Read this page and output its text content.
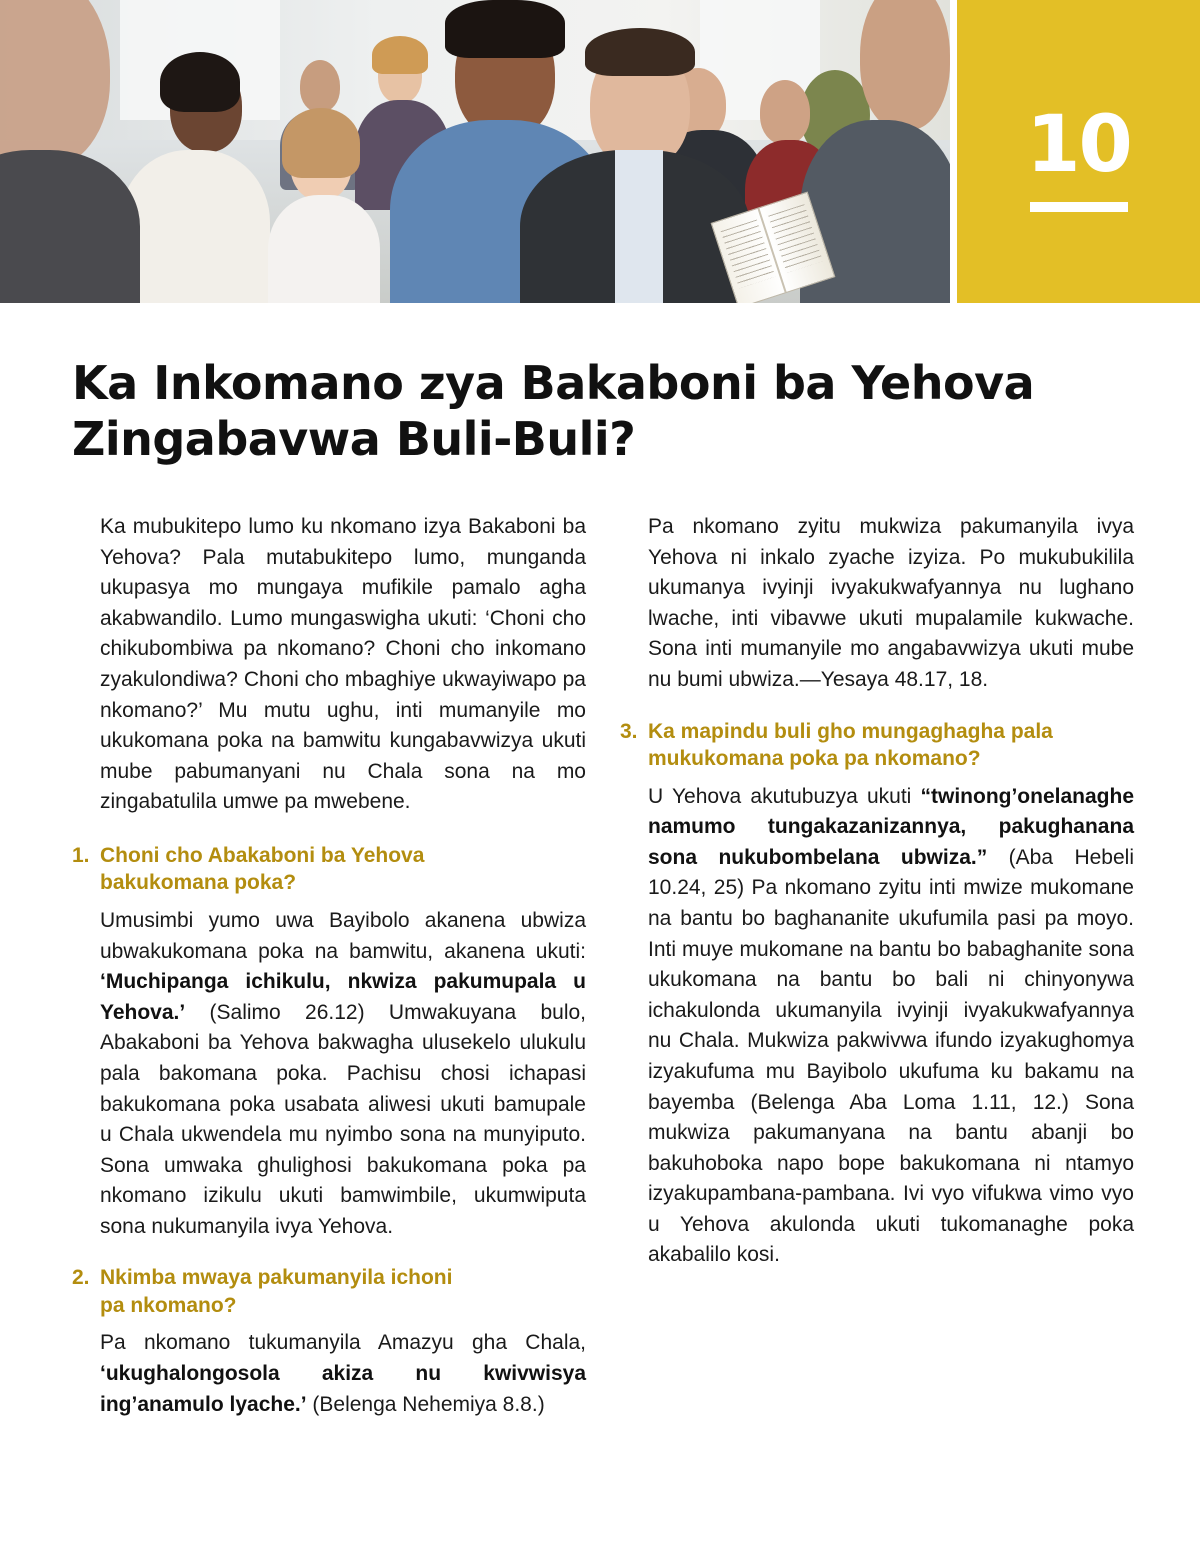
10
Ka Inkomano zya Bakaboni ba Yehova
Zingabavwa Buli-Buli?

Ka mubukitepo lumo ku nkomano izya Bakaboni ba Yehova? Pala mutabukitepo lumo, munganda ukupasya mo mungaya mufikile pamalo agha akabwandilo. Lumo mungaswigha ukuti: ‘Choni cho chikubombiwa pa nkomano? Choni cho inkomano zyakulondiwa? Choni cho mbaghiye ukwayiwapo pa nkomano?’ Mu mutu ughu, inti mumanyile mo ukukomana poka na bamwitu kungabavwizya ukuti mube pabumanyani nu Chala sona na mo zingabatulila umwe pa mwebene.

1. Choni cho Abakaboni ba Yehova
bakukomana poka?

Umusimbi yumo uwa Bayibolo akanena ubwiza ubwakukomana poka na bamwitu, akanena ukuti: ‘Muchipanga ichikulu, nkwiza pakumupala u Yehova.’ (Salimo 26.12) Umwakuyana bulo, Abakaboni ba Yehova bakwagha ulusekelo ulukulu pala bakomana poka. Pachisu chosi ichapasi bakukomana poka usabata aliwesi ukuti bamupale u Chala ukwendela mu nyimbo sona na munyiputo. Sona umwaka ghulighosi bakukomana poka pa nkomano izikulu ukuti bamwimbile, ukumwiputa sona nukumanyila ivya Yehova.

2. Nkimba mwaya pakumanyila ichoni
pa nkomano?

Pa nkomano tukumanyila Amazyu gha Chala, ‘ukughalongosola akiza nu kwivwisya ing’anamulo lyache.’ (Belenga Nehemiya 8.8.)

Pa nkomano zyitu mukwiza pakumanyila ivya Yehova ni inkalo zyache izyiza. Po mukubukilila ukumanya ivyinji ivyakukwafyannya nu lughano lwache, inti vibavwe ukuti mupalamile kukwache. Sona inti mumanyile mo angabavwizya ukuti mube nu bumi ubwiza.—Yesaya 48.17, 18.

3. Ka mapindu buli gho mungaghagha pala
mukukomana poka pa nkomano?

U Yehova akutubuzya ukuti “twinong’onelanaghe namumo tungakazanizannya, pakughanana sona nukubombelana ubwiza.” (Aba Hebeli 10.24, 25) Pa nkomano zyitu inti mwize mukomane na bantu bo baghananite ukufumila pasi pa moyo. Inti muye mukomane na bantu bo babaghanite sona ukukomana na bantu bo bali ni chinyonywa ichakulonda ukumanyila ivyinji ivyakukwafyannya nu Chala. Mukwiza pakwivwa ifundo izyakughomya izyakufuma mu Bayibolo ukufuma ku bakamu na bayemba (Belenga Aba Loma 1.11, 12.) Sona mukwiza pakumanyana na bantu abanji bo bakuhoboka napo bope bakukomana ni ntamyo izyakupambana-pambana. Ivi vyo vifukwa vimo vyo u Yehova akulonda ukuti tukomanaghe poka akabalilo kosi.
